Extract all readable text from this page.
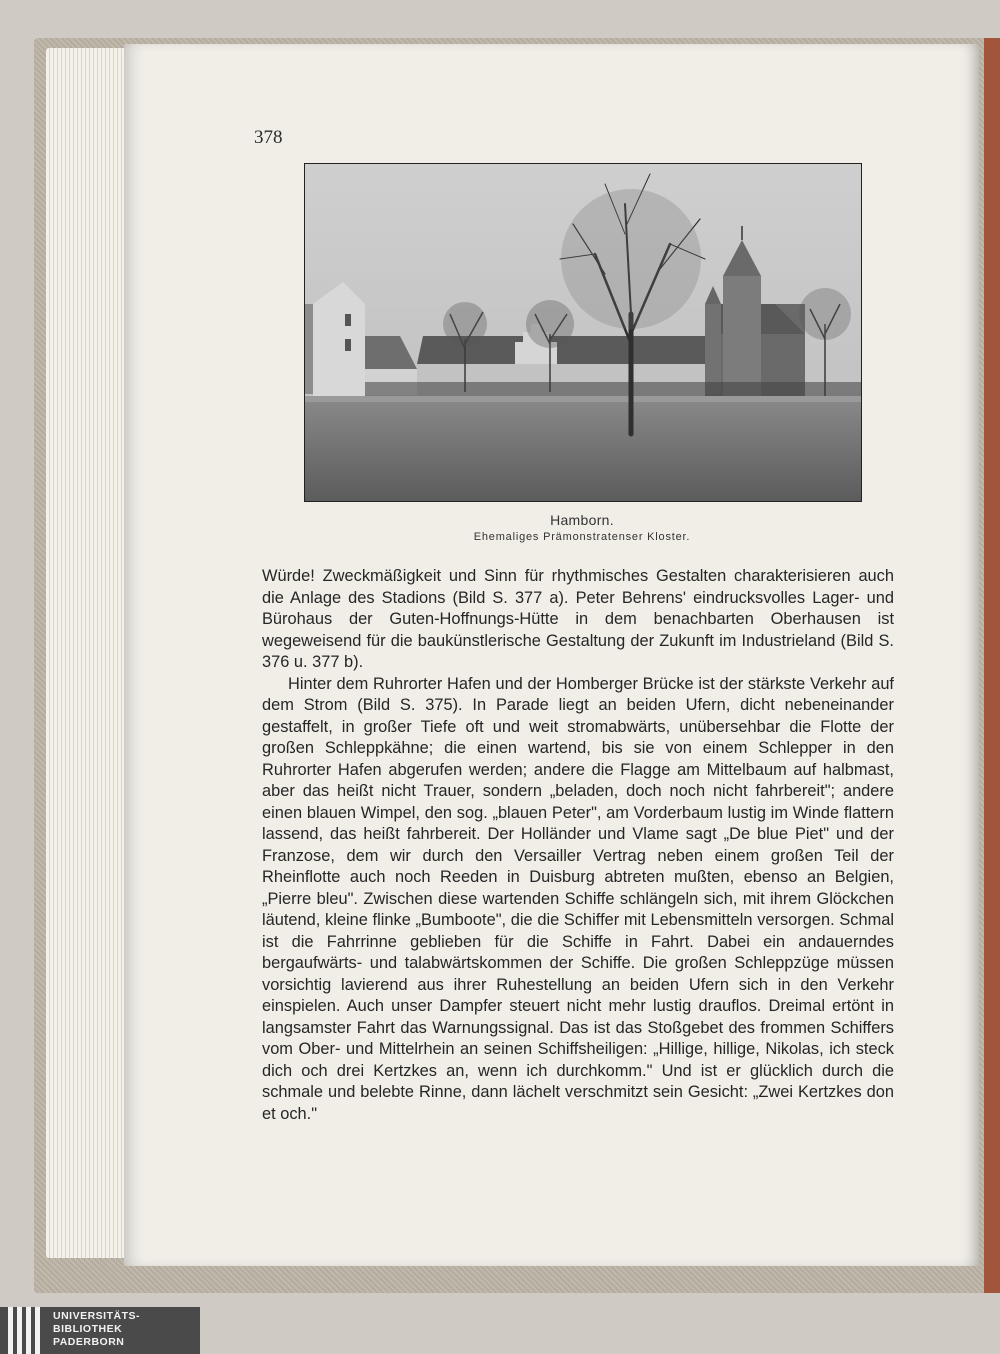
378
Hamborn.
Ehemaliges Prämonstratenser Kloster.

Würde! Zweckmäßigkeit und Sinn für rhythmisches Gestalten charakterisieren auch die Anlage des Stadions (Bild S. 377 a). Peter Behrens' eindrucksvolles Lager- und Bürohaus der Guten-Hoffnungs-Hütte in dem benachbarten Oberhausen ist wegeweisend für die baukünstlerische Gestaltung der Zukunft im Industrieland (Bild S. 376 u. 377 b).

Hinter dem Ruhrorter Hafen und der Homberger Brücke ist der stärkste Verkehr auf dem Strom (Bild S. 375). In Parade liegt an beiden Ufern, dicht nebeneinander gestaffelt, in großer Tiefe oft und weit stromabwärts, unübersehbar die Flotte der großen Schleppkähne; die einen wartend, bis sie von einem Schlepper in den Ruhrorter Hafen abgerufen werden; andere die Flagge am Mittelbaum auf halbmast, aber das heißt nicht Trauer, sondern „beladen, doch noch nicht fahrbereit"; andere einen blauen Wimpel, den sog. „blauen Peter", am Vorderbaum lustig im Winde flattern lassend, das heißt fahrbereit. Der Holländer und Vlame sagt „De blue Piet" und der Franzose, dem wir durch den Versailler Vertrag neben einem großen Teil der Rheinflotte auch noch Reeden in Duisburg abtreten mußten, ebenso an Belgien, „Pierre bleu". Zwischen diese wartenden Schiffe schlängeln sich, mit ihrem Glöckchen läutend, kleine flinke „Bumboote", die die Schiffer mit Lebensmitteln versorgen. Schmal ist die Fahrrinne geblieben für die Schiffe in Fahrt. Dabei ein andauerndes bergaufwärts- und talabwärtskommen der Schiffe. Die großen Schleppzüge müssen vorsichtig lavierend aus ihrer Ruhestellung an beiden Ufern sich in den Verkehr einspielen. Auch unser Dampfer steuert nicht mehr lustig drauflos. Dreimal ertönt in langsamster Fahrt das Warnungssignal. Das ist das Stoßgebet des frommen Schiffers vom Ober- und Mittelrhein an seinen Schiffsheiligen: „Hillige, hillige, Nikolas, ich steck dich och drei Kertzkes an, wenn ich durchkomm." Und ist er glücklich durch die schmale und belebte Rinne, dann lächelt verschmitzt sein Gesicht: „Zwei Kertzkes don et och."

UNIVERSITÄTS-
BIBLIOTHEK
PADERBORN
